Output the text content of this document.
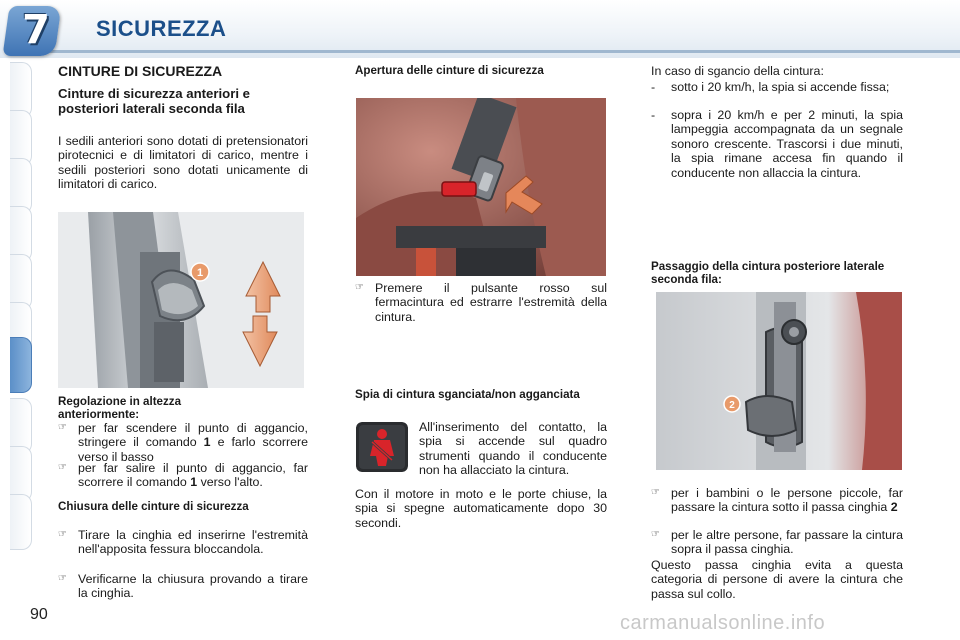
7 SICUREZZA
CINTURE DI SICUREZZA
Cinture di sicurezza anteriori e posteriori laterali seconda fila
I sedili anteriori sono dotati di pretensionatori pirotecnici e di limitatori di carico, mentre i sedili posteriori sono dotati unicamente di limitatori di carico.
1
Regolazione in altezza anteriormente:
☞ per far scendere il punto di aggancio, stringere il comando 1 e farlo scorrere verso il basso
☞ per far salire il punto di aggancio, far scorrere il comando 1 verso l'alto.
Chiusura delle cinture di sicurezza
☞ Tirare la cinghia ed inserirne l'estremità nell'apposita fessura bloccandola.
☞ Verificarne la chiusura provando a tirare la cinghia.
90
Apertura delle cinture di sicurezza
☞ Premere il pulsante rosso sul fermacintura ed estrarre l'estremità della cintura.
Spia di cintura sganciata/non agganciata
All'inserimento del contatto, la spia si accende sul quadro strumenti quando il conducente non ha allacciato la cintura.
Con il motore in moto e le porte chiuse, la spia si spegne automaticamente dopo 30 secondi.
In caso di sgancio della cintura:
- sotto i 20 km/h, la spia si accende fissa;
- sopra i 20 km/h e per 2 minuti, la spia lampeggia accompagnata da un segnale sonoro crescente. Trascorsi i due minuti, la spia rimane accesa fin quando il conducente non allaccia la cintura.
Passaggio della cintura posteriore laterale seconda fila:
2
☞ per i bambini o le persone piccole, far passare la cintura sotto il passa cinghia 2
☞ per le altre persone, far passare la cintura sopra il passa cinghia.
Questo passa cinghia evita a questa categoria di persone di avere la cintura che passa sul collo.
carmanualsonline.info
